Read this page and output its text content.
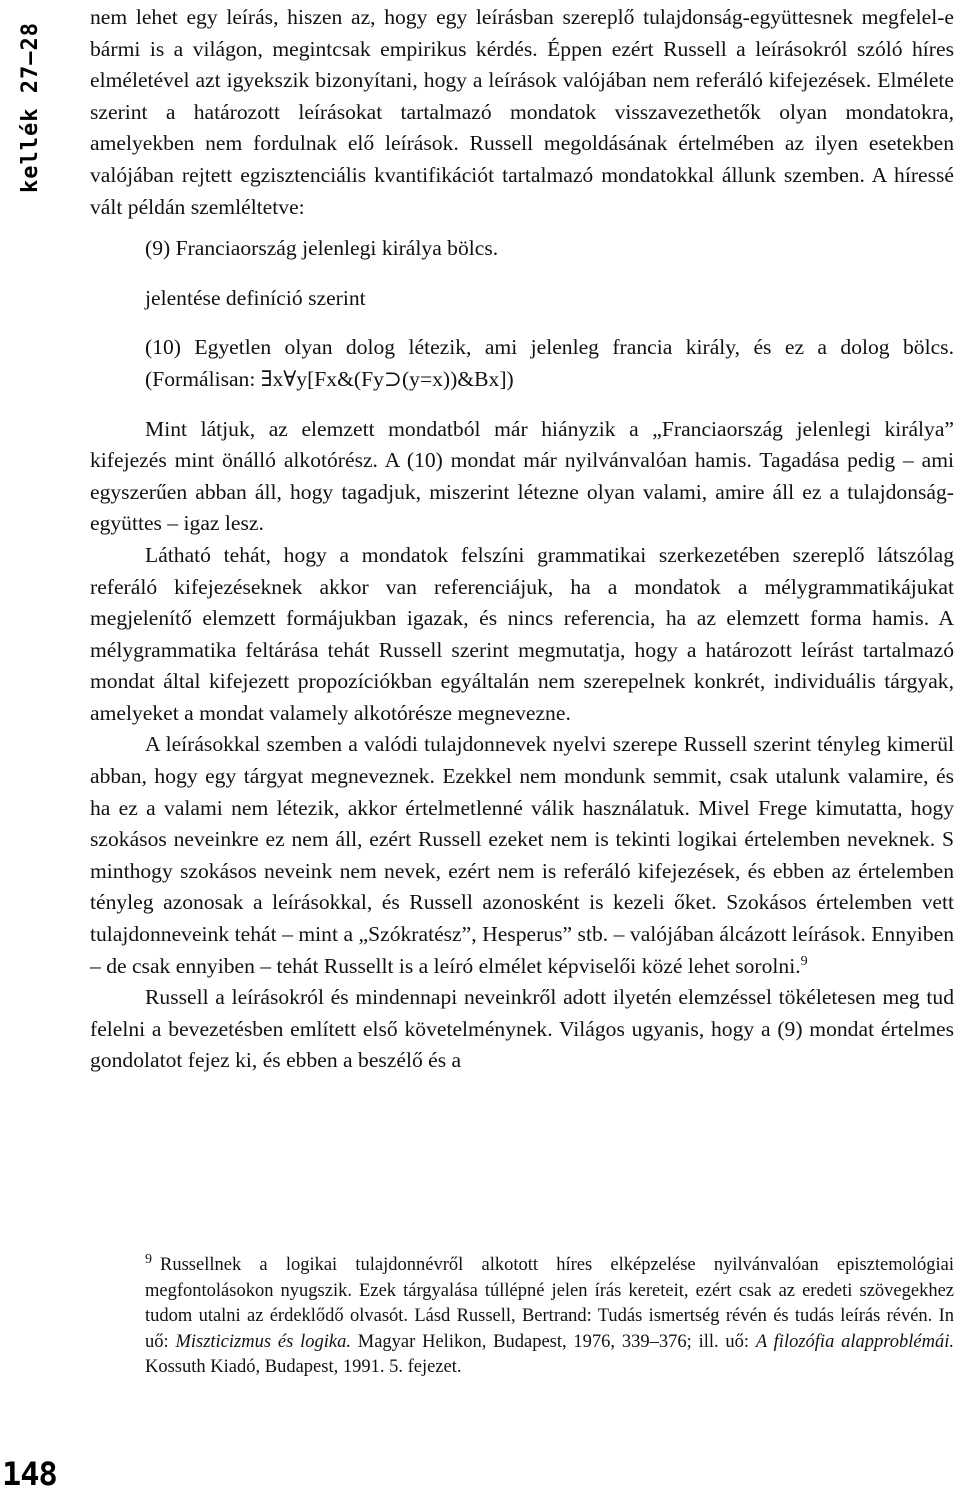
kellék 27–28

nem lehet egy leírás, hiszen az, hogy egy leírásban szereplő tulajdonság-együttesnek megfelel-e bármi is a világon, megintcsak empirikus kérdés. Éppen ezért Russell a leírásokról szóló híres elméletével azt igyekszik bizonyítani, hogy a leírások valójában nem referáló kifejezések. Elmélete szerint a határozott leírásokat tartalmazó mondatok visszavezethetők olyan mondatokra, amelyekben nem fordulnak elő leírások. Russell megoldásának értelmében az ilyen esetekben valójában rejtett egzisztenciális kvantifikációt tartalmazó mondatokkal állunk szemben. A híressé vált példán szemléltetve:

(9) Franciaország jelenlegi királya bölcs.

jelentése definíció szerint

(10) Egyetlen olyan dolog létezik, ami jelenleg francia király, és ez a dolog bölcs. (Formálisan: ∃x∀y[Fx&(Fy⊃(y=x))&Bx])

Mint látjuk, az elemzett mondatból már hiányzik a „Franciaország jelenlegi királya” kifejezés mint önálló alkotórész. A (10) mondat már nyilvánvalóan hamis. Tagadása pedig – ami egyszerűen abban áll, hogy tagadjuk, miszerint létezne olyan valami, amire áll ez a tulajdonság-együttes – igaz lesz.

Látható tehát, hogy a mondatok felszíni grammatikai szerkezetében szereplő látszólag referáló kifejezéseknek akkor van referenciájuk, ha a mondatok a mélygrammatikájukat megjelenítő elemzett formájukban igazak, és nincs referencia, ha az elemzett forma hamis. A mélygrammatika feltárása tehát Russell szerint megmutatja, hogy a határozott leírást tartalmazó mondat által kifejezett propozíciókban egyáltalán nem szerepelnek konkrét, individuális tárgyak, amelyeket a mondat valamely alkotórésze megnevezne.

A leírásokkal szemben a valódi tulajdonnevek nyelvi szerepe Russell szerint tényleg kimerül abban, hogy egy tárgyat megneveznek. Ezekkel nem mondunk semmit, csak utalunk valamire, és ha ez a valami nem létezik, akkor értelmetlenné válik használatuk. Mivel Frege kimutatta, hogy szokásos neveinkre ez nem áll, ezért Russell ezeket nem is tekinti logikai értelemben neveknek. S minthogy szokásos neveink nem nevek, ezért nem is referáló kifejezések, és ebben az értelemben tényleg azonosak a leírásokkal, és Russell azonosként is kezeli őket. Szokásos értelemben vett tulajdonneveink tehát – mint a „Szókratész”, Hesperus” stb. – valójában álcázott leírások. Ennyiben – de csak ennyiben – tehát Russellt is a leíró elmélet képviselői közé lehet sorolni.$^9$

Russell a leírásokról és mindennapi neveinkről adott ilyetén elemzéssel tökéletesen meg tud felelni a bevezetésben említett első követelménynek. Világos ugyanis, hogy a (9) mondat értelmes gondolatot fejez ki, és ebben a beszélő és a

$^9$ Russellnek a logikai tulajdonnévről alkotott híres elképzelése nyilvánvalóan episztemológiai megfontolásokon nyugszik. Ezek tárgyalása túllépné jelen írás kereteit, ezért csak az eredeti szövegekhez tudom utalni az érdeklődő olvasót. Lásd Russell, Bertrand: Tudás ismertség révén és tudás leírás révén. In uő: Miszticizmus és logika. Magyar Helikon, Budapest, 1976, 339–376; ill. uő: A filozófia alapproblémái. Kossuth Kiadó, Budapest, 1991. 5. fejezet.
148
